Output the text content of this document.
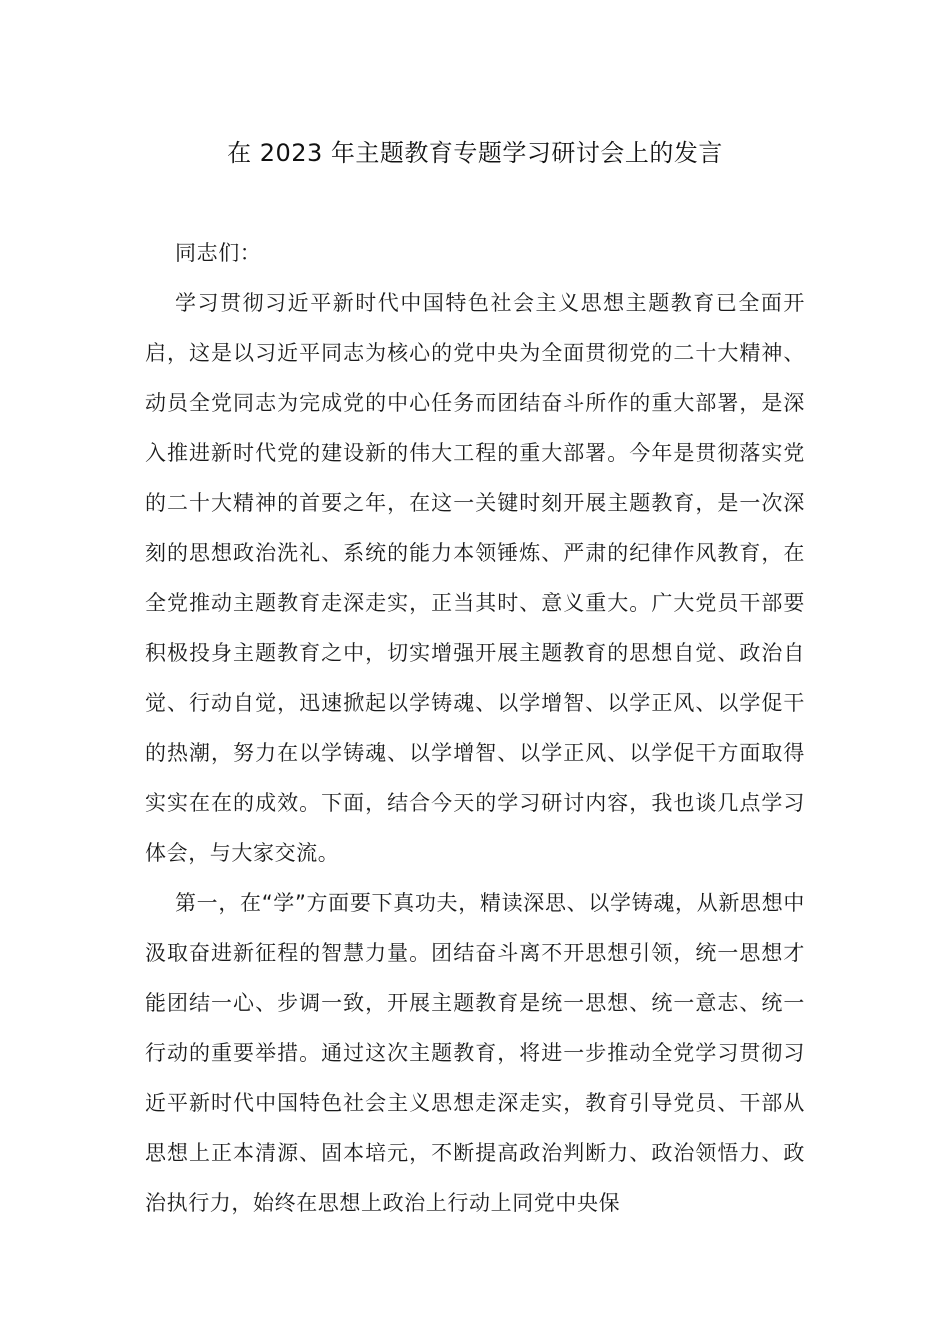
在 2023 年主题教育专题学习研讨会上的发言

同志们：

学习贯彻习近平新时代中国特色社会主义思想主题教育已全面开启，这是以习近平同志为核心的党中央为全面贯彻党的二十大精神、动员全党同志为完成党的中心任务而团结奋斗所作的重大部署，是深入推进新时代党的建设新的伟大工程的重大部署。今年是贯彻落实党的二十大精神的首要之年，在这一关键时刻开展主题教育，是一次深刻的思想政治洗礼、系统的能力本领锤炼、严肃的纪律作风教育，在全党推动主题教育走深走实，正当其时、意义重大。广大党员干部要积极投身主题教育之中，切实增强开展主题教育的思想自觉、政治自觉、行动自觉，迅速掀起以学铸魂、以学增智、以学正风、以学促干的热潮，努力在以学铸魂、以学增智、以学正风、以学促干方面取得实实在在的成效。下面，结合今天的学习研讨内容，我也谈几点学习体会，与大家交流。

第一，在“学”方面要下真功夫，精读深思、以学铸魂，从新思想中汲取奋进新征程的智慧力量。团结奋斗离不开思想引领，统一思想才能团结一心、步调一致，开展主题教育是统一思想、统一意志、统一行动的重要举措。通过这次主题教育，将进一步推动全党学习贯彻习近平新时代中国特色社会主义思想走深走实，教育引导党员、干部从思想上正本清源、固本培元，不断提高政治判断力、政治领悟力、政治执行力，始终在思想上政治上行动上同党中央保
